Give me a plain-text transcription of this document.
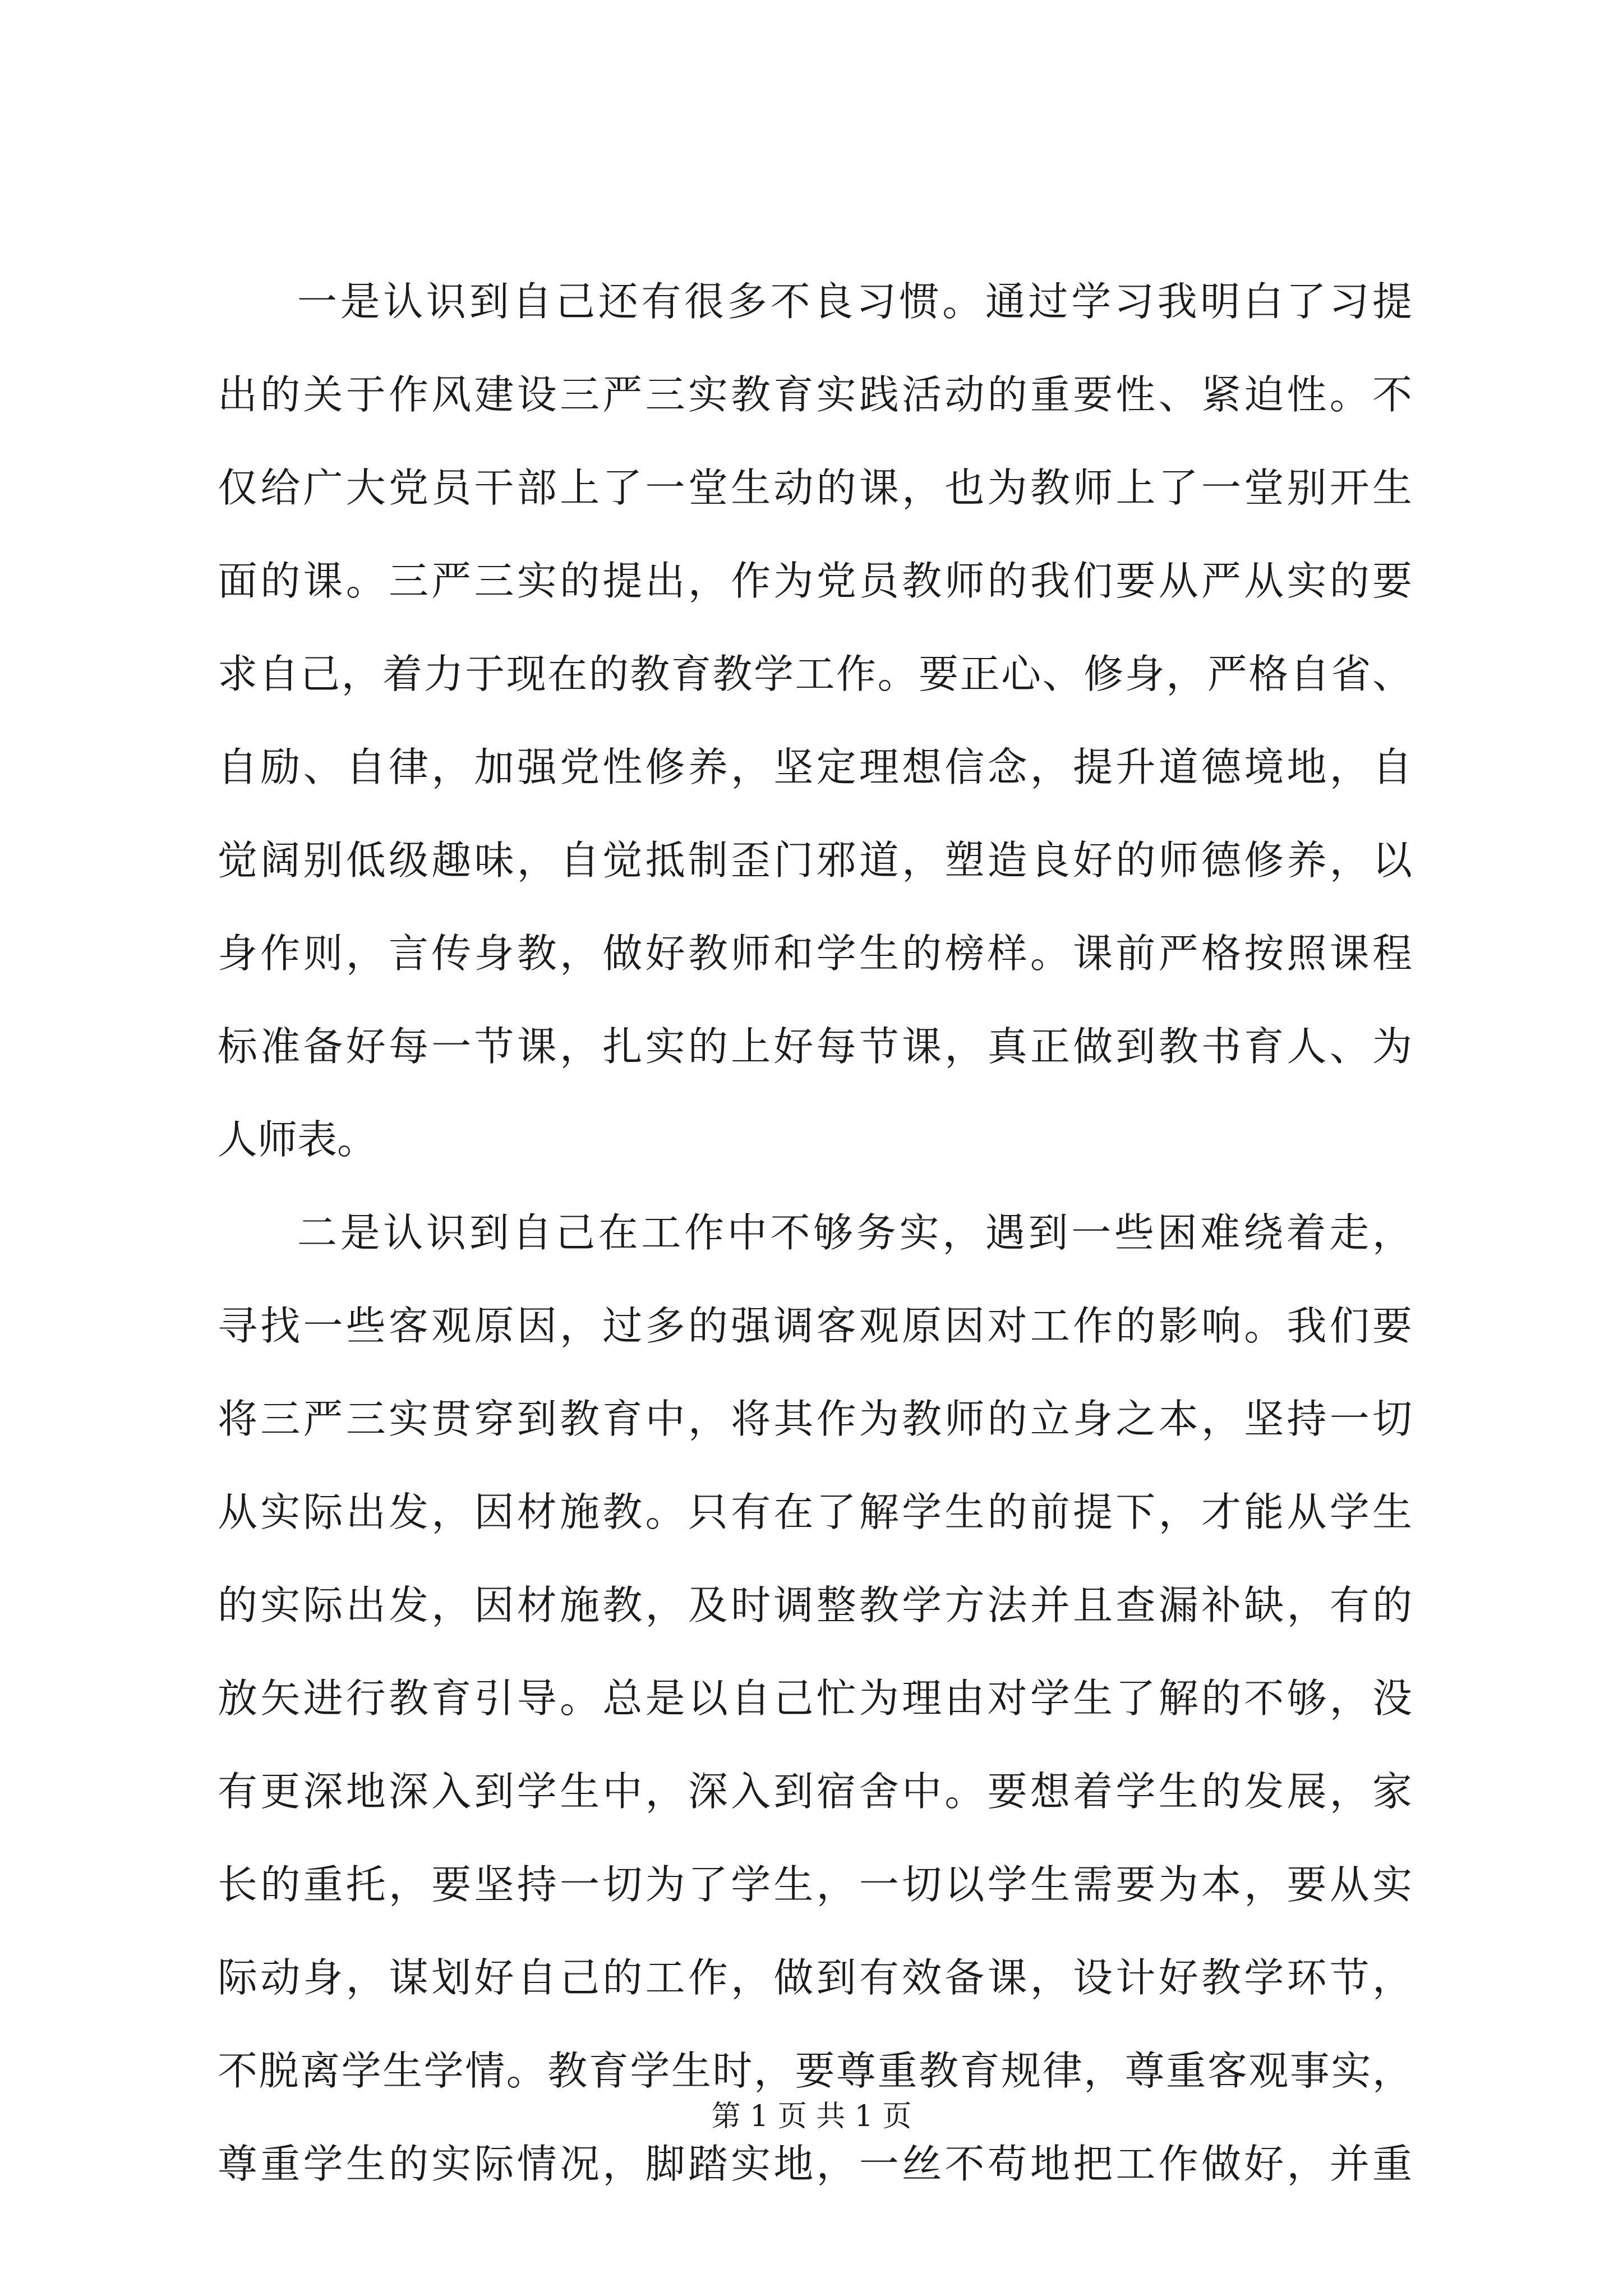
一是认识到自己还有很多不良习惯。通过学习我明白了习提
出的关于作风建设三严三实教育实践活动的重要性、紧迫性。不
仅给广大党员干部上了一堂生动的课，也为教师上了一堂别开生
面的课。三严三实的提出，作为党员教师的我们要从严从实的要
求自己，着力于现在的教育教学工作。要正心、修身，严格自省、
自励、自律，加强党性修养，坚定理想信念，提升道德境地，自
觉阔别低级趣味，自觉抵制歪门邪道，塑造良好的师德修养，以
身作则，言传身教，做好教师和学生的榜样。课前严格按照课程
标准备好每一节课，扎实的上好每节课，真正做到教书育人、为
人师表。
二是认识到自己在工作中不够务实，遇到一些困难绕着走，
寻找一些客观原因，过多的强调客观原因对工作的影响。我们要
将三严三实贯穿到教育中，将其作为教师的立身之本，坚持一切
从实际出发，因材施教。只有在了解学生的前提下，才能从学生
的实际出发，因材施教，及时调整教学方法并且查漏补缺，有的
放矢进行教育引导。总是以自己忙为理由对学生了解的不够，没
有更深地深入到学生中，深入到宿舍中。要想着学生的发展，家
长的重托，要坚持一切为了学生，一切以学生需要为本，要从实
际动身，谋划好自己的工作，做到有效备课，设计好教学环节，
不脱离学生学情。教育学生时，要尊重教育规律，尊重客观事实，
尊重学生的实际情况，脚踏实地，一丝不苟地把工作做好，并重
第 1 页 共 1 页
